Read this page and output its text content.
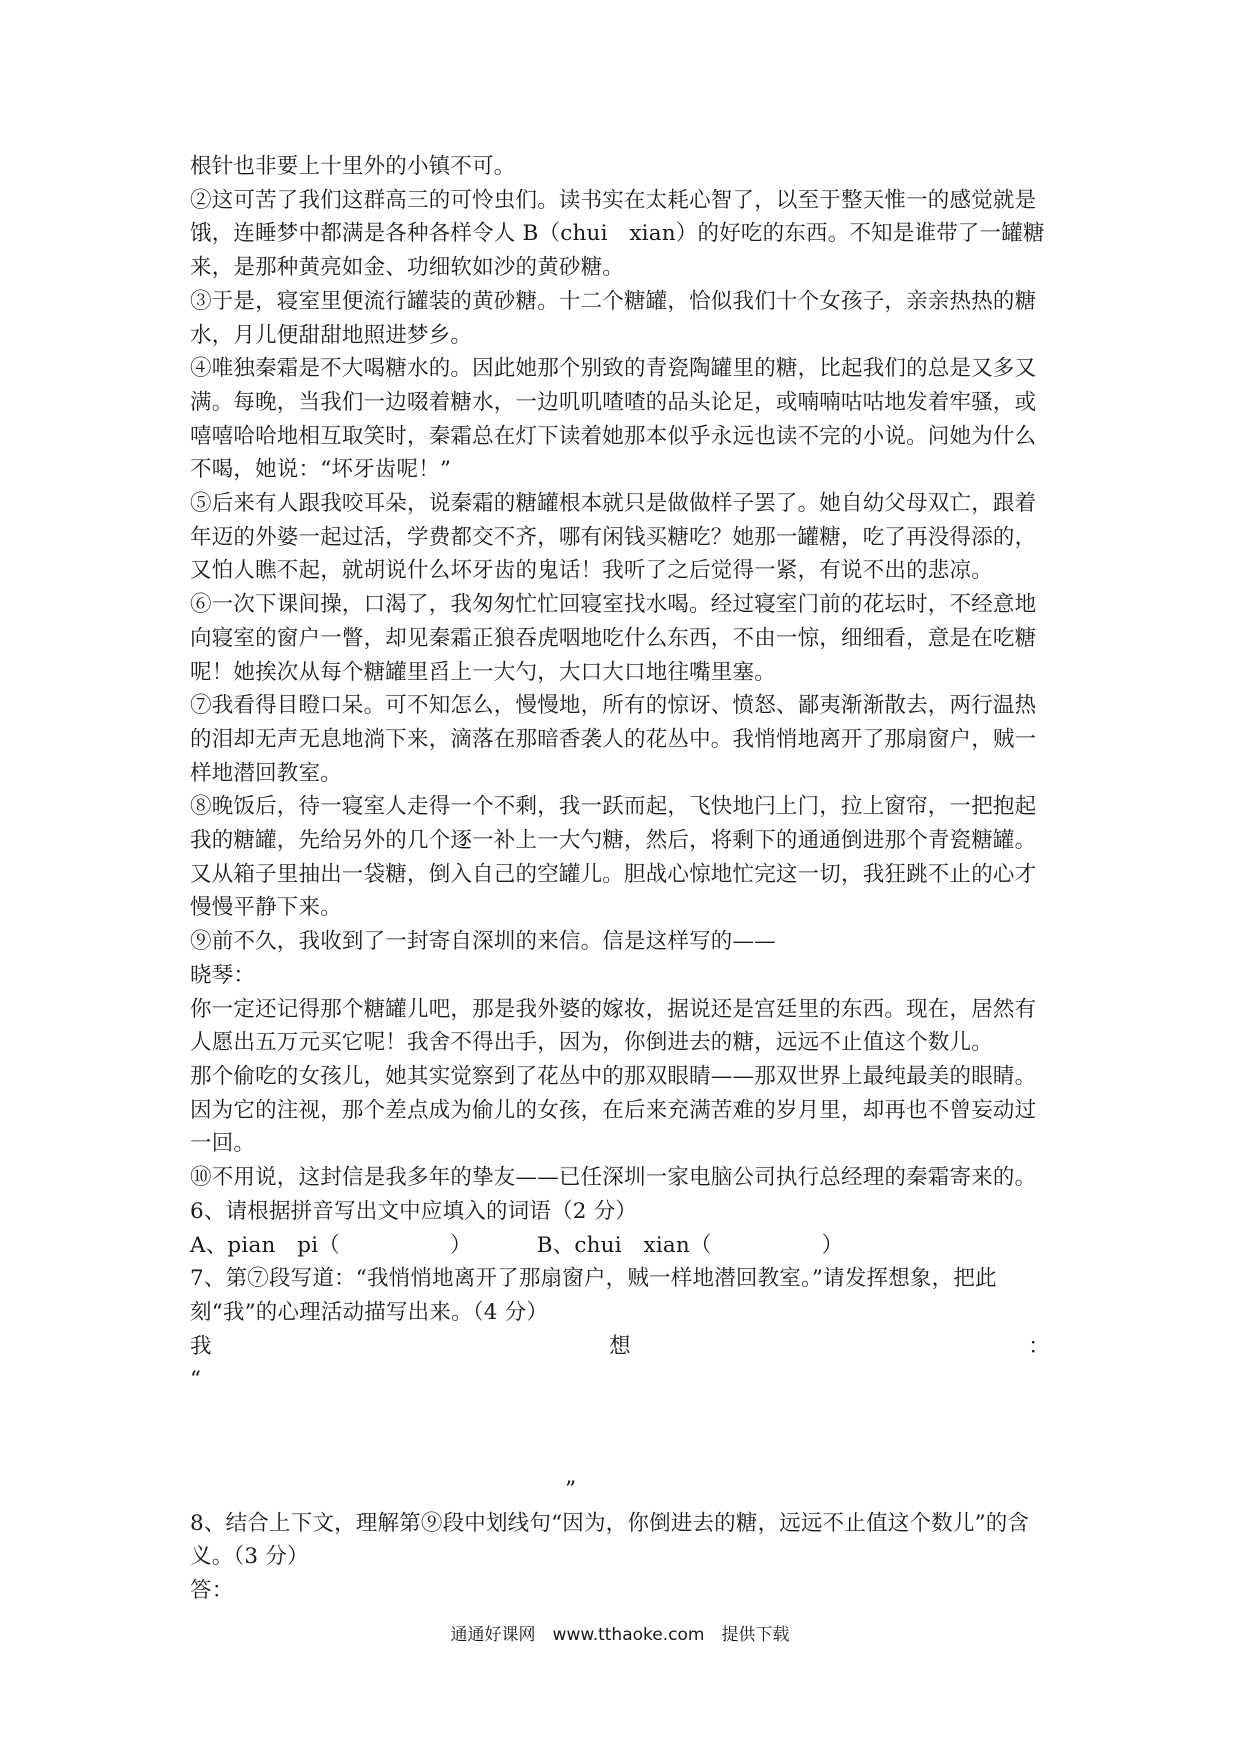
根针也非要上十里外的小镇不可。

②这可苦了我们这群高三的可怜虫们。读书实在太耗心智了，以至于整天惟一的感觉就是饿，连睡梦中都满是各种各样令人 B（chui　xian）的好吃的东西。不知是谁带了一罐糖来，是那种黄亮如金、功细软如沙的黄砂糖。

③于是，寝室里便流行罐装的黄砂糖。十二个糖罐，恰似我们十个女孩子，亲亲热热的糖水，月儿便甜甜地照进梦乡。

④唯独秦霜是不大喝糖水的。因此她那个别致的青瓷陶罐里的糖，比起我们的总是又多又满。每晚，当我们一边啜着糖水，一边叽叽喳喳的品头论足，或喃喃咕咕地发着牢骚，或嘻嘻哈哈地相互取笑时，秦霜总在灯下读着她那本似乎永远也读不完的小说。问她为什么不喝，她说：“坏牙齿呢！”

⑤后来有人跟我咬耳朵，说秦霜的糖罐根本就只是做做样子罢了。她自幼父母双亡，跟着年迈的外婆一起过活，学费都交不齐，哪有闲钱买糖吃？她那一罐糖，吃了再没得添的，又怕人瞧不起，就胡说什么坏牙齿的鬼话！我听了之后觉得一紧，有说不出的悲凉。

⑥一次下课间操，口渴了，我匆匆忙忙回寝室找水喝。经过寝室门前的花坛时，不经意地向寝室的窗户一瞥，却见秦霜正狼吞虎咽地吃什么东西，不由一惊，细细看，意是在吃糖呢！她挨次从每个糖罐里舀上一大勺，大口大口地往嘴里塞。

⑦我看得目瞪口呆。可不知怎么，慢慢地，所有的惊讶、愤怒、鄙夷渐渐散去，两行温热的泪却无声无息地淌下来，滴落在那暗香袭人的花丛中。我悄悄地离开了那扇窗户，贼一样地潜回教室。

⑧晚饭后，待一寝室人走得一个不剩，我一跃而起，飞快地闩上门，拉上窗帘，一把抱起我的糖罐，先给另外的几个逐一补上一大勺糖，然后，将剩下的通通倒进那个青瓷糖罐。又从箱子里抽出一袋糖，倒入自己的空罐儿。胆战心惊地忙完这一切，我狂跳不止的心才慢慢平静下来。

⑨前不久，我收到了一封寄自深圳的来信。信是这样写的——

晓琴：

你一定还记得那个糖罐儿吧，那是我外婆的嫁妆，据说还是宫廷里的东西。现在，居然有人愿出五万元买它呢！我舍不得出手，因为，你倒进去的糖，远远不止值这个数儿。

那个偷吃的女孩儿，她其实觉察到了花丛中的那双眼睛——那双世界上最纯最美的眼睛。因为它的注视，那个差点成为偷儿的女孩，在后来充满苦难的岁月里，却再也不曾妄动过一回。

⑩不用说，这封信是我多年的挚友——已任深圳一家电脑公司执行总经理的秦霜寄来的。

6、请根据拼音写出文中应填入的词语（2 分）

A、pian　pi（	）	B、chui　xian（	）

7、第⑦段写道：“我悄悄地离开了那扇窗户，贼一样地潜回教室。”请发挥想象，把此刻“我”的心理活动描写出来。（4 分）

我	想	：

“

”

8、结合上下文，理解第⑨段中划线句“因为，你倒进去的糖，远远不止值这个数儿”的含义。（3 分）

答：

通通好课网　www.tthaoke.com　提供下载
